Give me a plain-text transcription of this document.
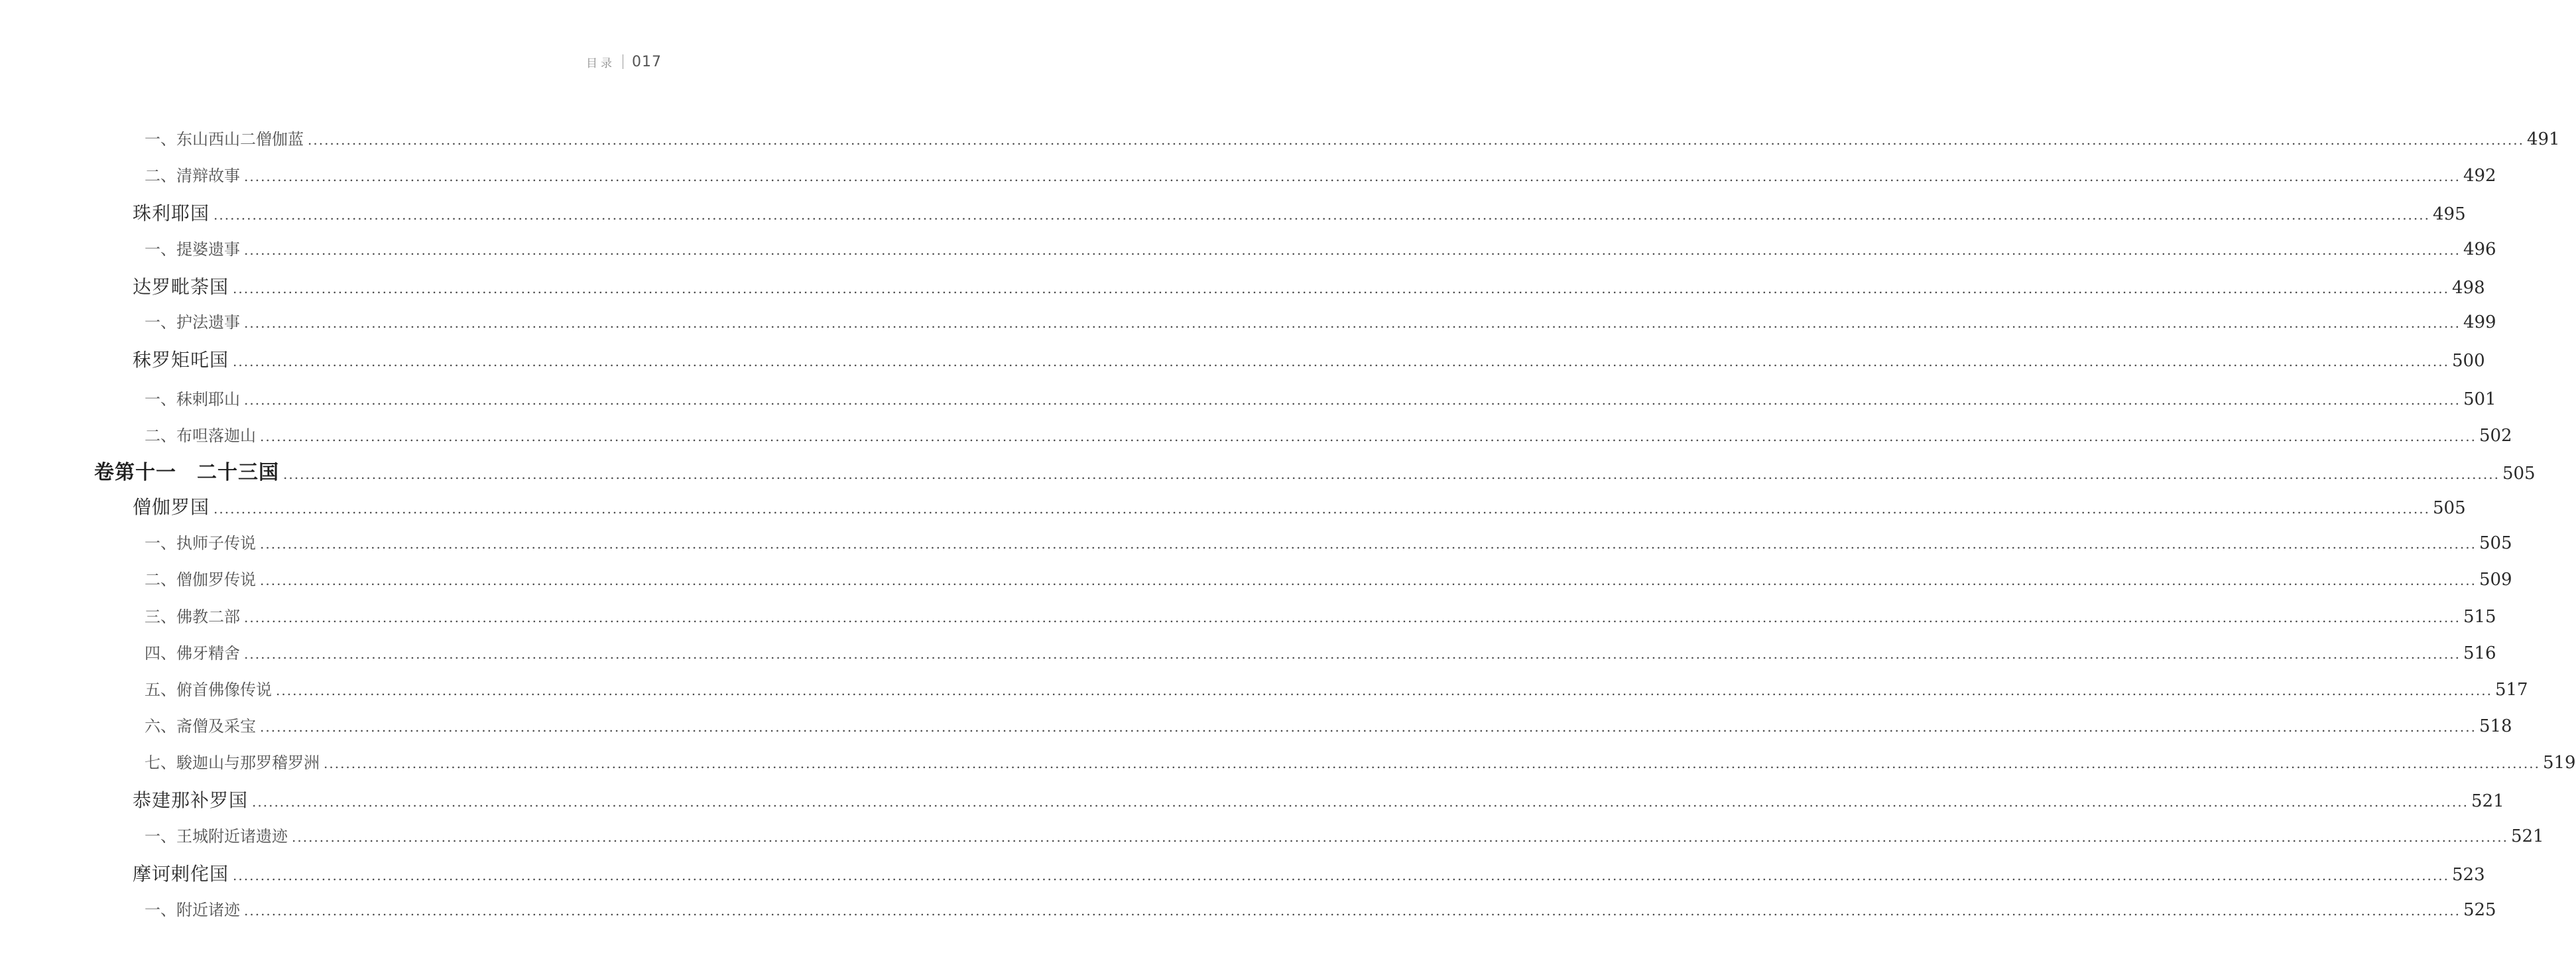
目录 017
一、东山西山二僧伽蓝 ................................................................................................................................................................................................................................................................................................................................................................................................................ 491
二、清辩故事 ................................................................................................................................................................................................................................................................................................................................................................................................................ 492
珠利耶国 ................................................................................................................................................................................................................................................................................................................................................................................................................ 495
一、提婆遗事 ................................................................................................................................................................................................................................................................................................................................................................................................................ 496
达罗毗荼国 ................................................................................................................................................................................................................................................................................................................................................................................................................ 498
一、护法遗事 ................................................................................................................................................................................................................................................................................................................................................................................................................ 499
秣罗矩吒国 ................................................................................................................................................................................................................................................................................................................................................................................................................ 500
一、秣剌耶山 ................................................................................................................................................................................................................................................................................................................................................................................................................ 501
二、布呾落迦山 ................................................................................................................................................................................................................................................................................................................................................................................................................ 502
卷第十一　二十三国 ................................................................................................................................................................................................................................................................................................................................................................................................................ 505
僧伽罗国 ................................................................................................................................................................................................................................................................................................................................................................................................................ 505
一、执师子传说 ................................................................................................................................................................................................................................................................................................................................................................................................................ 505
二、僧伽罗传说 ................................................................................................................................................................................................................................................................................................................................................................................................................ 509
三、佛教二部 ................................................................................................................................................................................................................................................................................................................................................................................................................ 515
四、佛牙精舍 ................................................................................................................................................................................................................................................................................................................................................................................................................ 516
五、俯首佛像传说 ................................................................................................................................................................................................................................................................................................................................................................................................................ 517
六、斋僧及采宝 ................................................................................................................................................................................................................................................................................................................................................................................................................ 518
七、駿迦山与那罗稽罗洲 ................................................................................................................................................................................................................................................................................................................................................................................................................ 519
恭建那补罗国 ................................................................................................................................................................................................................................................................................................................................................................................................................ 521
一、王城附近诸遗迹 ................................................................................................................................................................................................................................................................................................................................................................................................................ 521
摩诃剌侘国 ................................................................................................................................................................................................................................................................................................................................................................................................................ 523
一、附近诸迹 ................................................................................................................................................................................................................................................................................................................................................................................................................ 525
